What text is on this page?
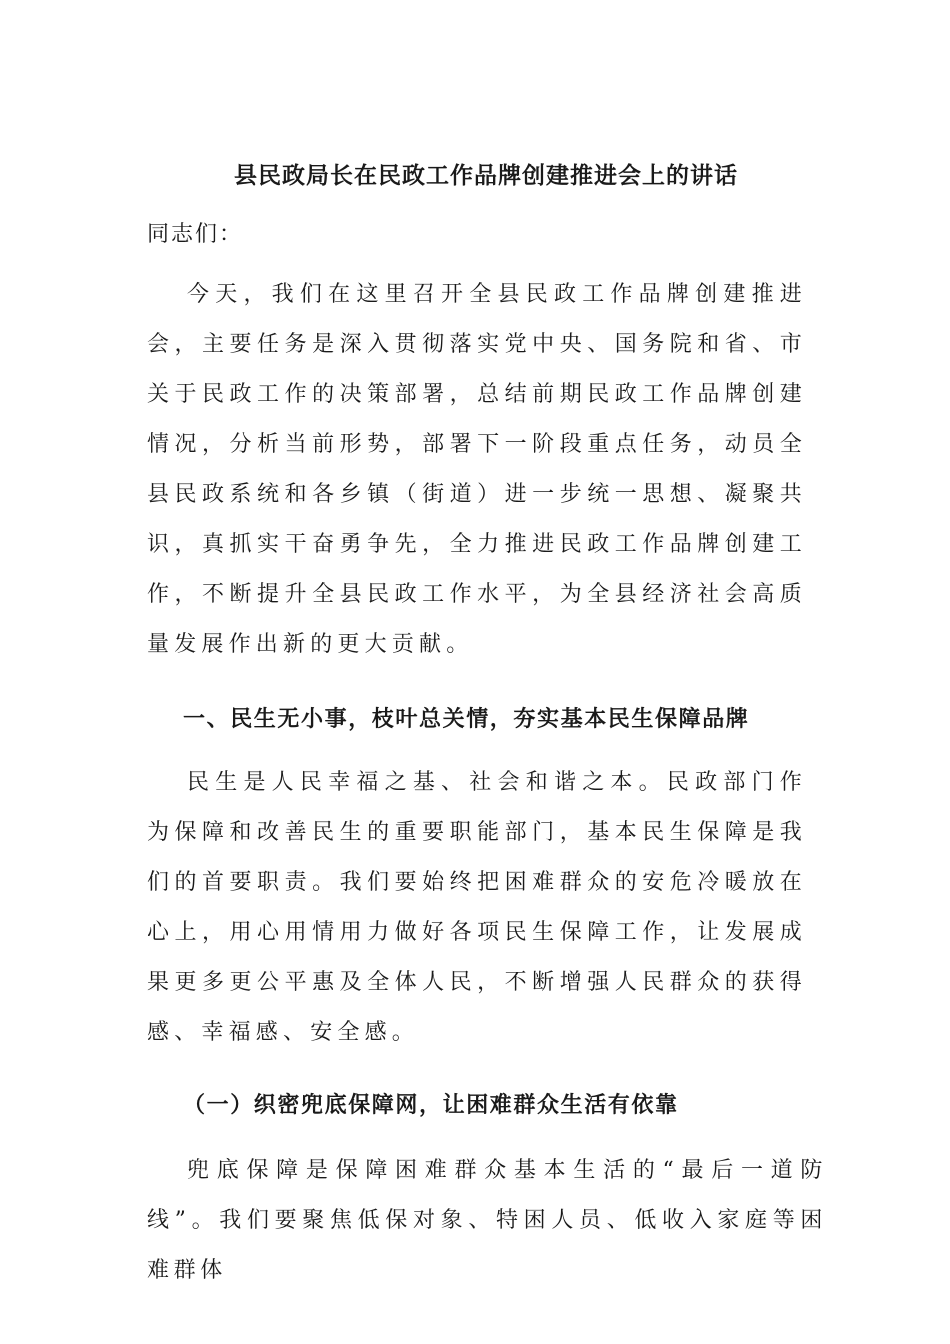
县民政局长在民政工作品牌创建推进会上的讲话

同志们：

今天，我们在这里召开全县民政工作品牌创建推进会，主要任务是深入贯彻落实党中央、国务院和省、市关于民政工作的决策部署，总结前期民政工作品牌创建情况，分析当前形势，部署下一阶段重点任务，动员全县民政系统和各乡镇（街道）进一步统一思想、凝聚共识，真抓实干奋勇争先，全力推进民政工作品牌创建工作，不断提升全县民政工作水平，为全县经济社会高质量发展作出新的更大贡献。

一、民生无小事，枝叶总关情，夯实基本民生保障品牌

民生是人民幸福之基、社会和谐之本。民政部门作为保障和改善民生的重要职能部门，基本民生保障是我们的首要职责。我们要始终把困难群众的安危冷暖放在心上，用心用情用力做好各项民生保障工作，让发展成果更多更公平惠及全体人民，不断增强人民群众的获得感、幸福感、安全感。

（一）织密兜底保障网，让困难群众生活有依靠

兜底保障是保障困难群众基本生活的“最后一道防线”。我们要聚焦低保对象、特困人员、低收入家庭等困难群体
